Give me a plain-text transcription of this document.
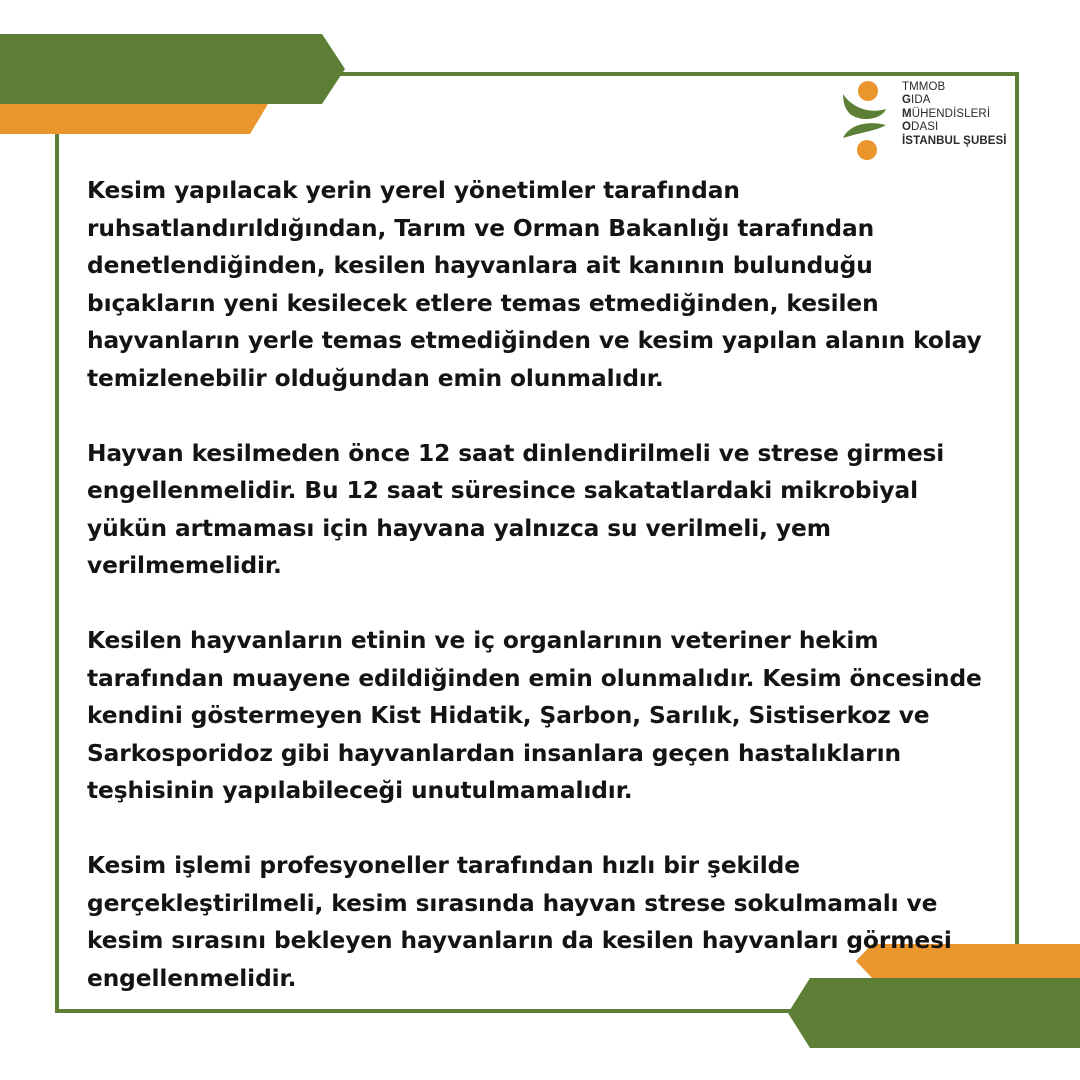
TMMOB
GIDA
MÜHENDİSLERİ
ODASI
İSTANBUL ŞUBESİ

Kesim yapılacak yerin yerel yönetimler tarafından ruhsatlandırıldığından, Tarım ve Orman Bakanlığı tarafından denetlendiğinden, kesilen hayvanlara ait kanının bulunduğu bıçakların yeni kesilecek etlere temas etmediğinden, kesilen hayvanların yerle temas etmediğinden ve kesim yapılan alanın kolay temizlenebilir olduğundan emin olunmalıdır.

Hayvan kesilmeden önce 12 saat dinlendirilmeli ve strese girmesi engellenmelidir. Bu 12 saat süresince sakatatlardaki mikrobiyal yükün artmaması için hayvana yalnızca su verilmeli, yem verilmemelidir.

Kesilen hayvanların etinin ve iç organlarının veteriner hekim tarafından muayene edildiğinden emin olunmalıdır. Kesim öncesinde kendini göstermeyen Kist Hidatik, Şarbon, Sarılık, Sistiserkoz ve Sarkosporidoz gibi hayvanlardan insanlara geçen hastalıkların teşhisinin yapılabileceği unutulmamalıdır.

Kesim işlemi profesyoneller tarafından hızlı bir şekilde gerçekleştirilmeli, kesim sırasında hayvan strese sokulmamalı ve kesim sırasını bekleyen hayvanların da kesilen hayvanları görmesi engellenmelidir.
